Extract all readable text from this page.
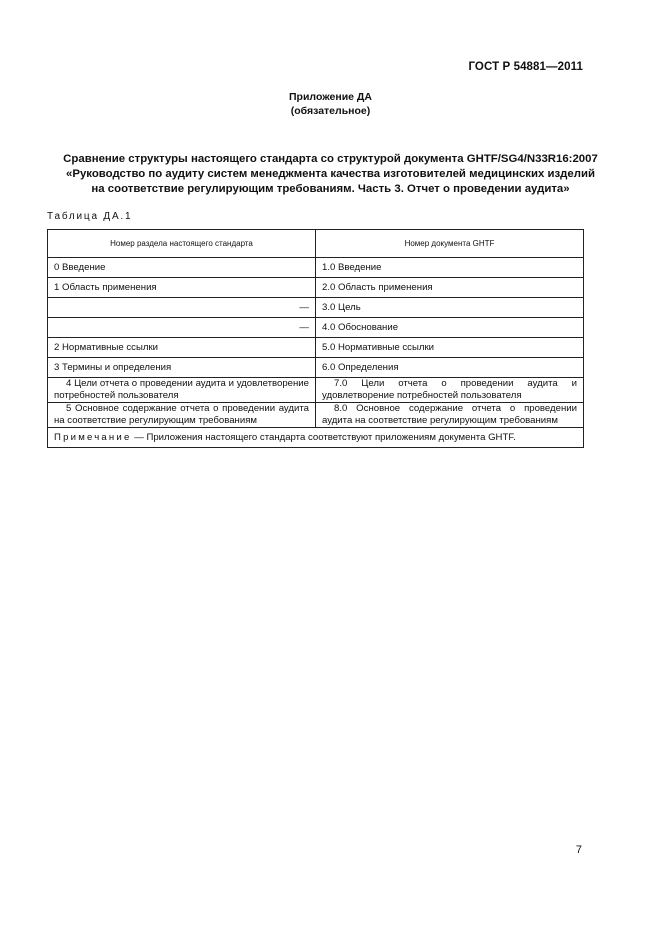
ГОСТ Р 54881—2011
Приложение ДА
(обязательное)
Сравнение структуры настоящего стандарта со структурой документа GHTF/SG4/N33R16:2007
«Руководство по аудиту систем менеджмента качества изготовителей медицинских изделий
на соответствие регулирующим требованиям. Часть 3. Отчет о проведении аудита»
Таблица ДА.1
Номер раздела настоящего стандарта	Номер документа GHTF
0 Введение	1.0 Введение
1 Область применения	2.0 Область применения
—	3.0 Цель
—	4.0 Обоснование
2 Нормативные ссылки	5.0 Нормативные ссылки
3 Термины и определения	6.0 Определения
4 Цели отчета о проведении аудита и удовлетворение потребностей пользователя	7.0 Цели отчета о проведении аудита и удовлетворение потребностей пользователя
5 Основное содержание отчета о проведении аудита на соответствие регулирующим требованиям	8.0 Основное содержание отчета о проведении аудита на соответствие регулирующим требованиям
Примечание — Приложения настоящего стандарта соответствуют приложениям документа GHTF.	
7
